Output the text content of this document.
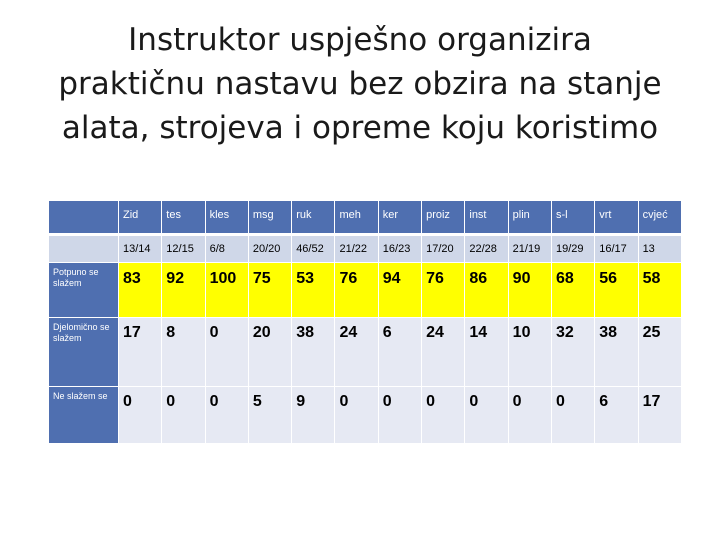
Instruktor uspješno organizira
praktičnu nastavu bez obzira na stanje
alata, strojeva i opreme koju koristimo
	Zid	tes	kles	msg	ruk	meh	ker	proiz	inst	plin	s-l	vrt	cvjeć
	13/14	12/15	6/8	20/20	46/52	21/22	16/23	17/20	22/28	21/19	19/29	16/17	13
Potpuno se slažem	83	92	100	75	53	76	94	76	86	90	68	56	58
Djelomično se slažem	17	8	0	20	38	24	6	24	14	10	32	38	25
Ne slažem se	0	0	0	5	9	0	0	0	0	0	0	6	17
